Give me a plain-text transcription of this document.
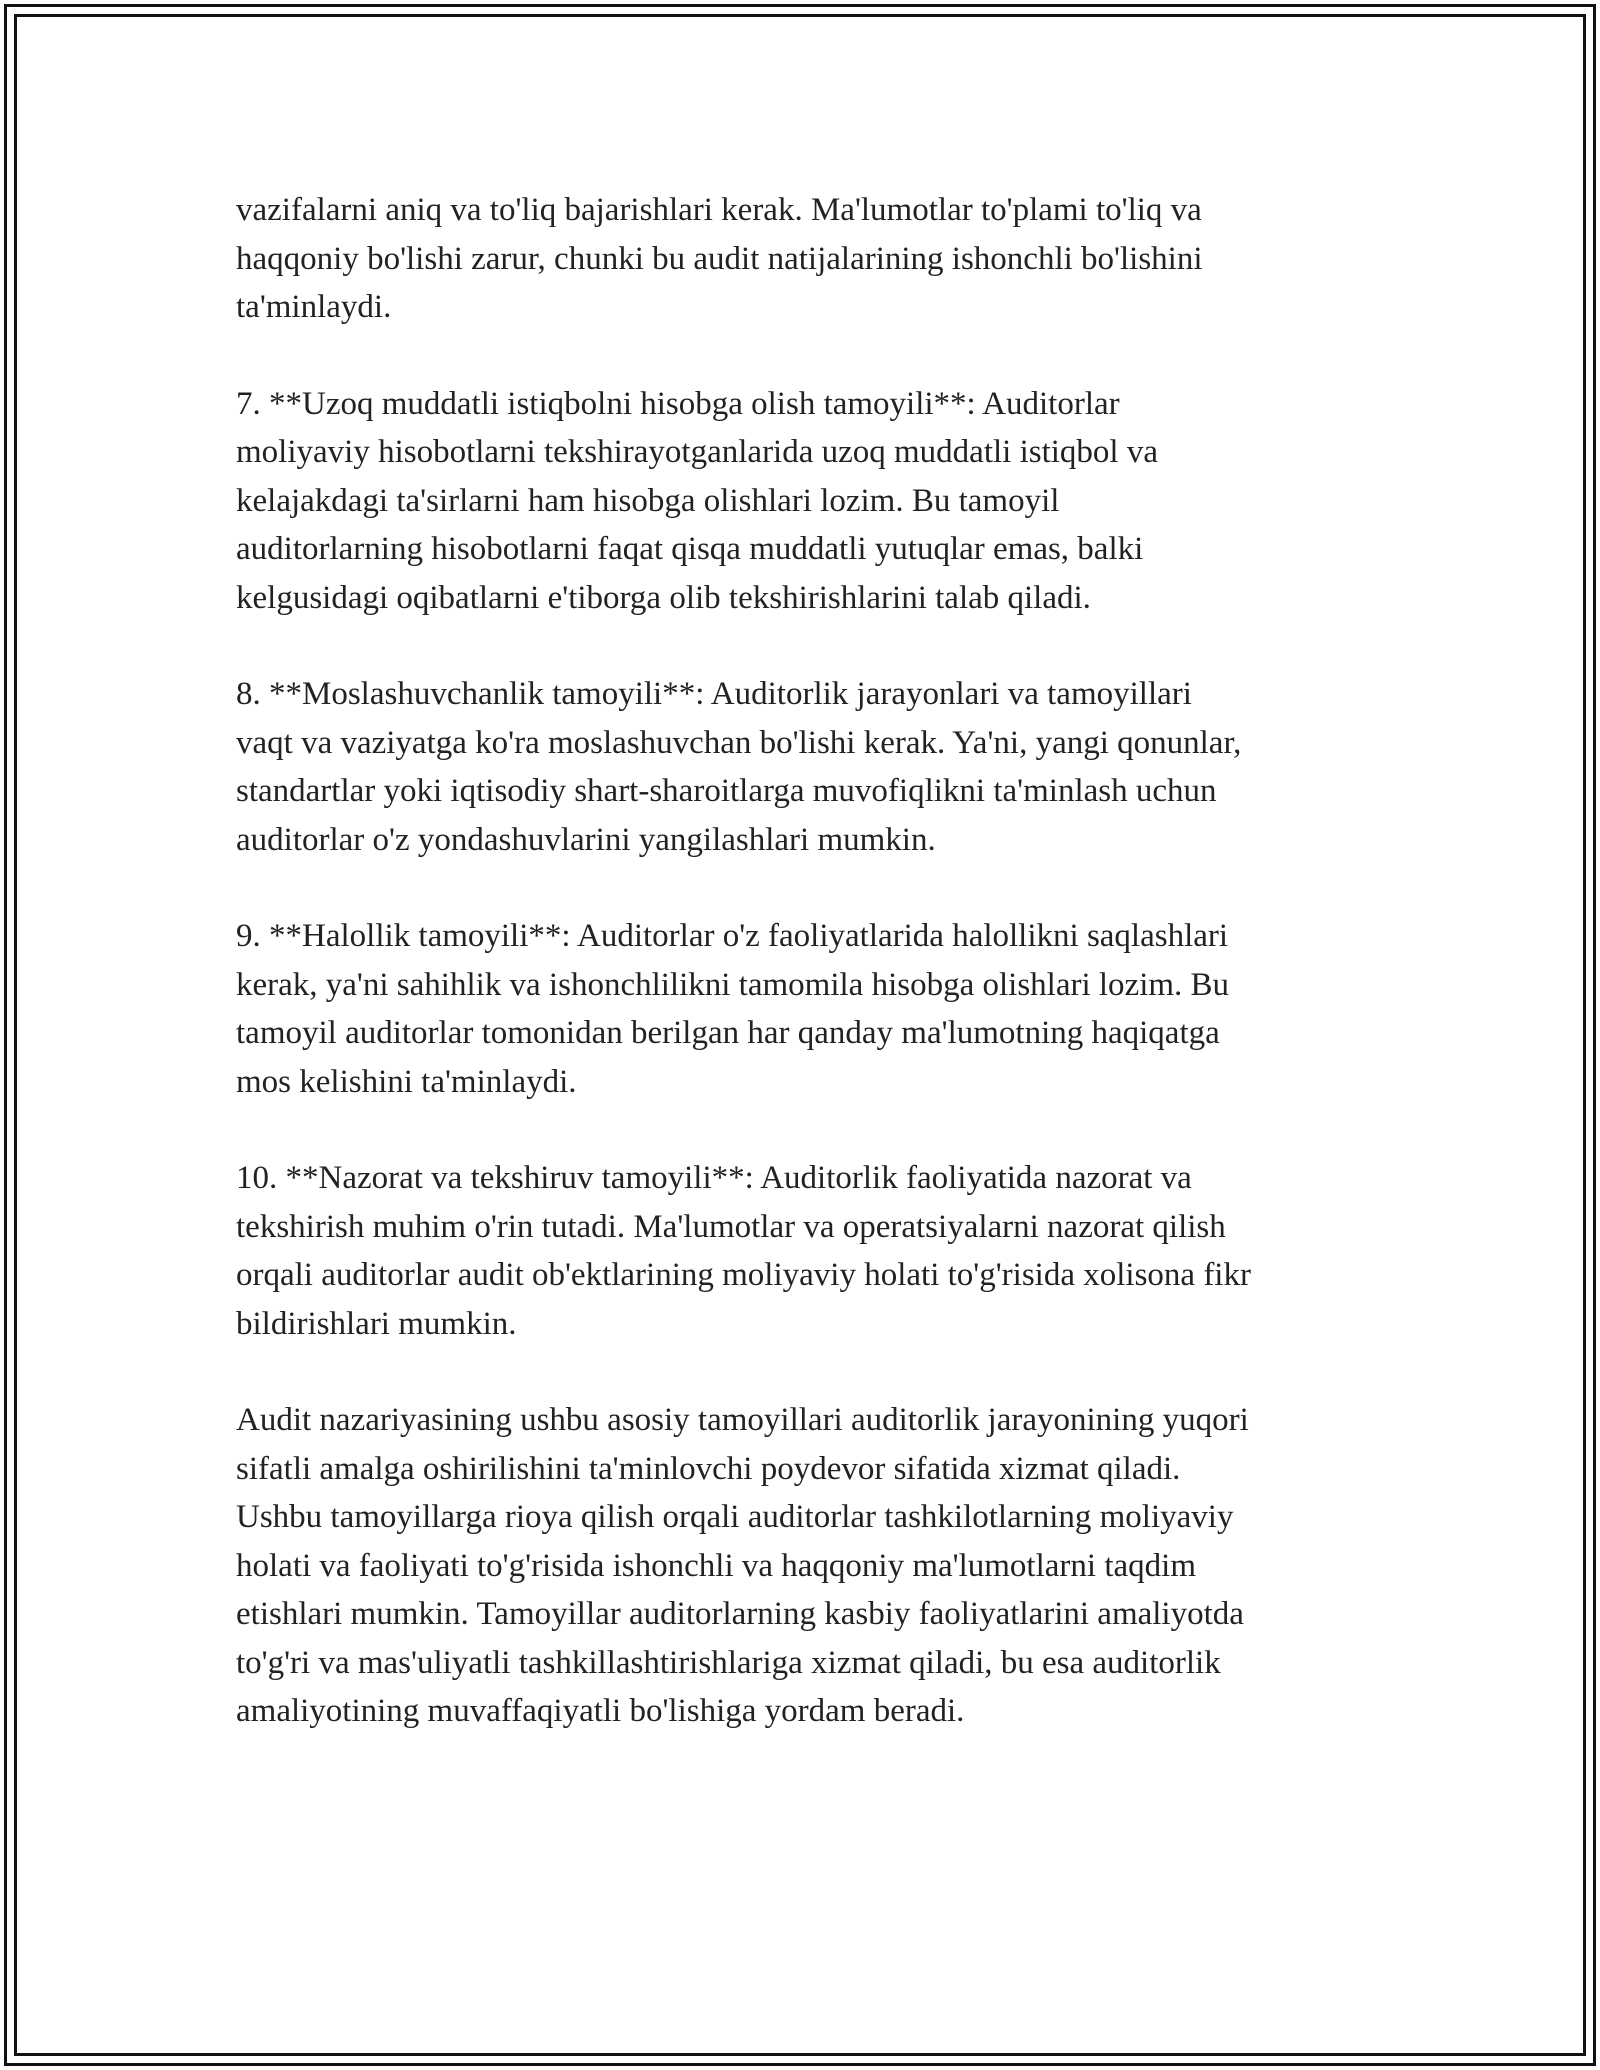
vazifalarni aniq va to'liq bajarishlari kerak. Ma'lumotlar to'plami to'liq va
haqqoniy bo'lishi zarur, chunki bu audit natijalarining ishonchli bo'lishini
ta'minlaydi.

7. **Uzoq muddatli istiqbolni hisobga olish tamoyili**: Auditorlar
moliyaviy hisobotlarni tekshirayotganlarida uzoq muddatli istiqbol va
kelajakdagi ta'sirlarni ham hisobga olishlari lozim. Bu tamoyil
auditorlarning hisobotlarni faqat qisqa muddatli yutuqlar emas, balki
kelgusidagi oqibatlarni e'tiborga olib tekshirishlarini talab qiladi.

8. **Moslashuvchanlik tamoyili**: Auditorlik jarayonlari va tamoyillari
vaqt va vaziyatga ko'ra moslashuvchan bo'lishi kerak. Ya'ni, yangi qonunlar,
standartlar yoki iqtisodiy shart-sharoitlarga muvofiqlikni ta'minlash uchun
auditorlar o'z yondashuvlarini yangilashlari mumkin.

9. **Halollik tamoyili**: Auditorlar o'z faoliyatlarida halollikni saqlashlari
kerak, ya'ni sahihlik va ishonchlilikni tamomila hisobga olishlari lozim. Bu
tamoyil auditorlar tomonidan berilgan har qanday ma'lumotning haqiqatga
mos kelishini ta'minlaydi.

10. **Nazorat va tekshiruv tamoyili**: Auditorlik faoliyatida nazorat va
tekshirish muhim o'rin tutadi. Ma'lumotlar va operatsiyalarni nazorat qilish
orqali auditorlar audit ob'ektlarining moliyaviy holati to'g'risida xolisona fikr
bildirishlari mumkin.

Audit nazariyasining ushbu asosiy tamoyillari auditorlik jarayonining yuqori
sifatli amalga oshirilishini ta'minlovchi poydevor sifatida xizmat qiladi.
Ushbu tamoyillarga rioya qilish orqali auditorlar tashkilotlarning moliyaviy
holati va faoliyati to'g'risida ishonchli va haqqoniy ma'lumotlarni taqdim
etishlari mumkin. Tamoyillar auditorlarning kasbiy faoliyatlarini amaliyotda
to'g'ri va mas'uliyatli tashkillashtirishlariga xizmat qiladi, bu esa auditorlik
amaliyotining muvaffaqiyatli bo'lishiga yordam beradi.
